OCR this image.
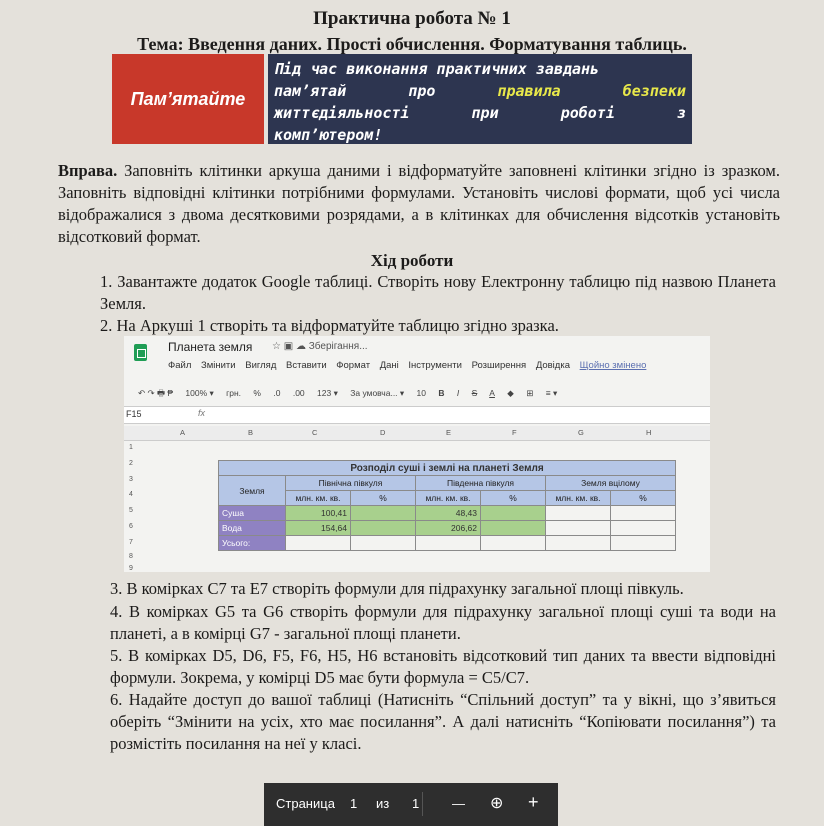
Практична робота № 1
Тема: Введення даних. Прості обчислення. Форматування таблиць.
Пам’ятайте
Під час виконання практичних завдань
пам’ятай	про	правила	безпеки
життєдіяльності	при	роботі	з
комп’ютером!
Вправа. Заповніть клітинки аркуша даними і відформатуйте заповнені клітинки згідно із зразком. Заповніть відповідні клітинки потрібними формулами. Установіть числові формати, щоб усі числа відображалися з двома десятковими розрядами, а в клітинках для обчислення відсотків установіть відсотковий формат.
Хід роботи
1. Завантажте додаток Google таблиці. Створіть нову Електронну таблицю під назвою Планета Земля.
2. На Аркуші 1 створіть та відформатуйте таблицю згідно зразка.
Планета земля ☆ ▣ ☁ Зберігання...
Файл Змінити Вигляд Вставити Формат Дані Інструменти Розширення Довідка Щойно змінено
↶ ↷ 🖶 ₱ 100% ▾ грн. % .0 .00 123 ▾ За умовча... ▾ 10 B I S A ◆ ⊞ ≡ ▾
F15	fx
A	B	C	D	E	F	G	H
1
2
3
4
5
6
7
8
9
Розподіл суші і землі на планеті Земля						
Земля	Північна півкуля		Південна півкуля		Земля вцілому	
	млн. км. кв.	%	млн. км. кв.	%	млн. км. кв.	%
Суша	100,41		48,43			
Вода	154,64		206,62			
Усього:						
3. В комірках C7 та E7 створіть формули для підрахунку загальної площі півкуль.
4. В комірках G5 та G6 створіть формули для підрахунку загальної площі суші та води на планеті, а в комірці G7 - загальної площі планети.
5. В комірках D5, D6, F5, F6, H5, H6 встановіть відсотковий тип даних та ввести відповідні формули. Зокрема, у комірці D5 має бути формула = C5/C7.
6. Надайте доступ до вашої таблиці (Натисніть “Спільний доступ” та у вікні, що з’явиться оберіть “Змінити на усіх, хто має посилання”. А далі натисніть “Копіювати посилання”) та розмістіть посилання на неї у класі.
Страница 1 из 1	— ⊕ +
